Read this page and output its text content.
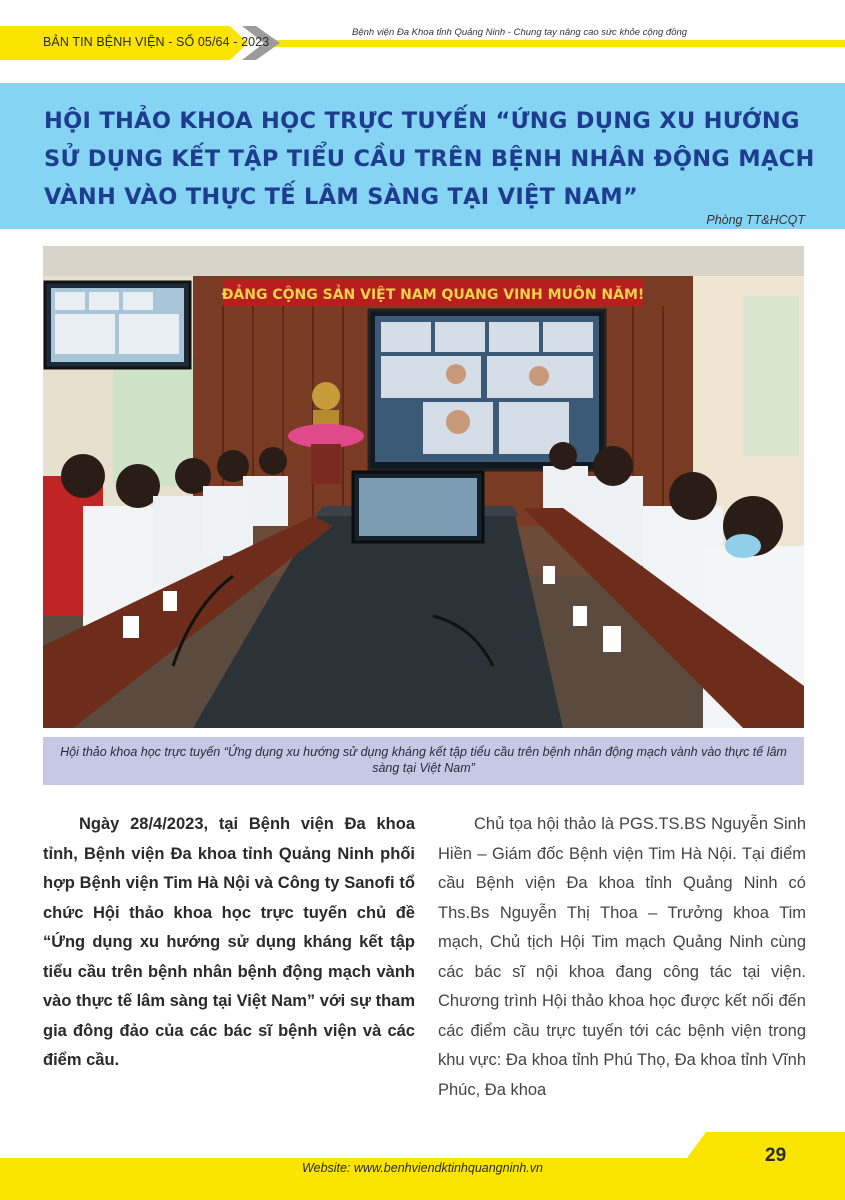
BẢN TIN BỆNH VIỆN - SỐ 05/64 - 2023
Bệnh viện Đa Khoa tỉnh Quảng Ninh - Chung tay nâng cao sức khỏe cộng đồng
HỘI THẢO KHOA HỌC TRỰC TUYẾN “ỨNG DỤNG XU HƯỚNG SỬ DỤNG KẾT TẬP TIỂU CẦU TRÊN BỆNH NHÂN ĐỘNG MẠCH VÀNH VÀO THỰC TẾ LÂM SÀNG TẠI VIỆT NAM”
Phòng TT&HCQT
ĐẢNG CỘNG SẢN VIỆT NAM QUANG VINH MUÔN NĂM!
Hội thảo khoa học trực tuyến “Ứng dụng xu hướng sử dụng kháng kết tập tiểu cầu trên bệnh nhân động mạch vành vào thực tế lâm sàng tại Việt Nam”

Ngày 28/4/2023, tại Bệnh viện Đa khoa tỉnh, Bệnh viện Đa khoa tỉnh Quảng Ninh phối hợp Bệnh viện Tim Hà Nội và Công ty Sanofi tổ chức Hội thảo khoa học trực tuyến chủ đề “Ứng dụng xu hướng sử dụng kháng kết tập tiểu cầu trên bệnh nhân bệnh động mạch vành vào thực tế lâm sàng tại Việt Nam” với sự tham gia đông đảo của các bác sĩ bệnh viện và các điểm cầu.

Chủ tọa hội thảo là PGS.TS.BS Nguyễn Sinh Hiền – Giám đốc Bệnh viện Tim Hà Nội. Tại điểm cầu Bệnh viện Đa khoa tỉnh Quảng Ninh có Ths.Bs Nguyễn Thị Thoa – Trưởng khoa Tim mạch, Chủ tịch Hội Tim mạch Quảng Ninh cùng các bác sĩ nội khoa đang công tác tại viện. Chương trình Hội thảo khoa học được kết nối đến các điểm cầu trực tuyến tới các bệnh viện trong khu vực: Đa khoa tỉnh Phú Thọ, Đa khoa tỉnh Vĩnh Phúc, Đa khoa

Website: www.benhviendktinhquangninh.vn
29
